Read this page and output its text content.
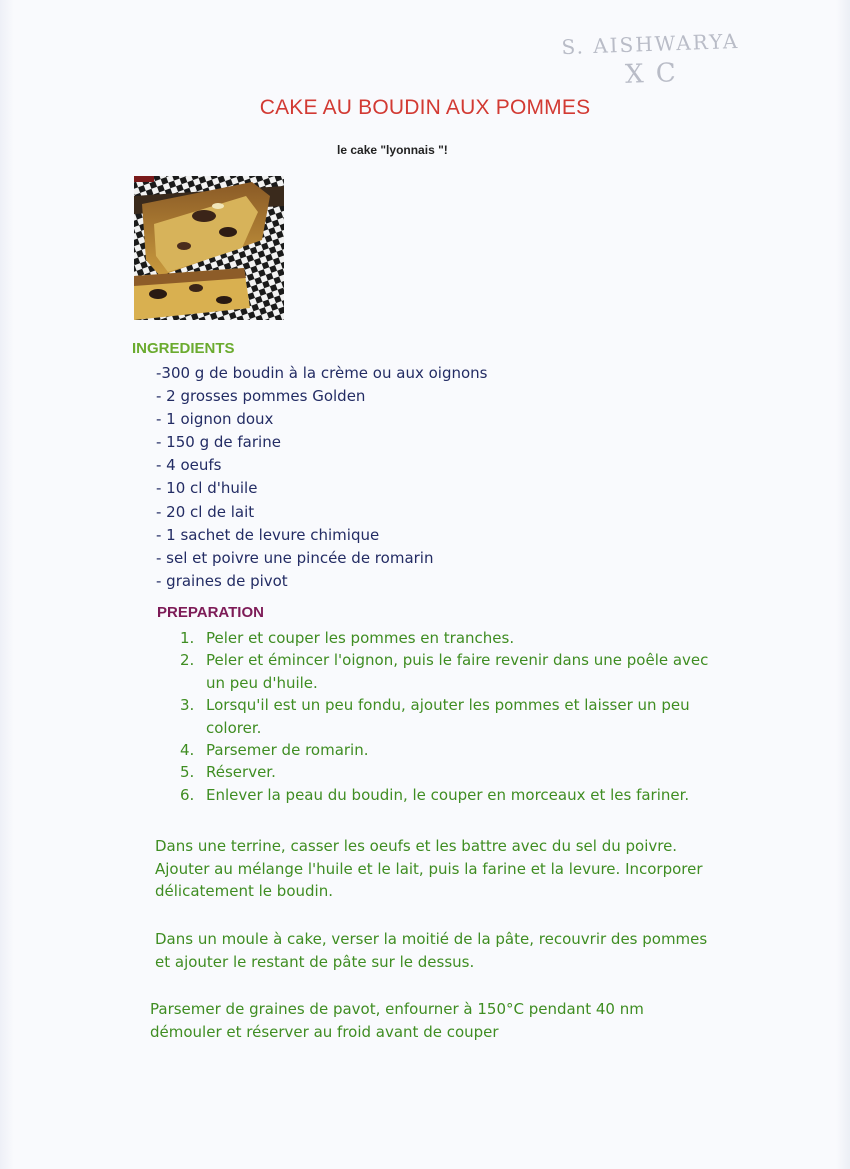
S. AISHWARYA
X C
CAKE AU BOUDIN AUX POMMES
le cake "lyonnais "!
INGREDIENTS
-300 g de boudin à la crème ou aux oignons
- 2 grosses pommes Golden
- 1 oignon doux
- 150 g de farine
- 4 oeufs
- 10 cl d'huile
- 20 cl de lait
- 1 sachet de levure chimique
- sel et poivre une pincée de romarin
- graines de pivot
PREPARATION
1. Peler et couper les pommes en tranches.
2. Peler et émincer l'oignon, puis le faire revenir dans une poêle avec un peu d'huile.
3. Lorsqu'il est un peu fondu, ajouter les pommes et laisser un peu colorer.
4. Parsemer de romarin.
5. Réserver.
6. Enlever la peau du boudin, le couper en morceaux et les fariner.

Dans une terrine, casser les oeufs et les battre avec du sel du poivre. Ajouter au mélange l'huile et le lait, puis la farine et la levure. Incorporer délicatement le boudin.

Dans un moule à cake, verser la moitié de la pâte, recouvrir des pommes et ajouter le restant de pâte sur le dessus.

Parsemer de graines de pavot, enfourner à 150°C pendant 40 nm démouler et réserver au froid avant de couper
